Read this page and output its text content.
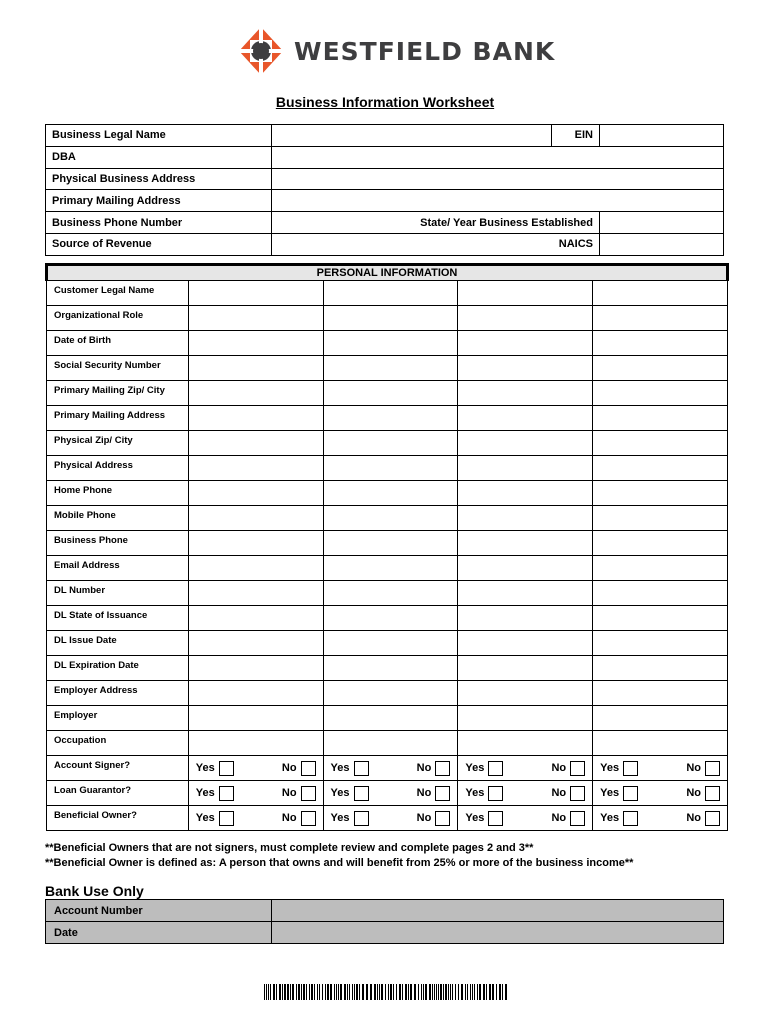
WESTFIELD BANK
Business Information Worksheet
Business Legal Name		EIN	
DBA			
Physical Business Address			
Primary Mailing Address			
Business Phone Number	State/ Year Business Established		
Source of Revenue	NAICS		
PERSONAL INFORMATION				
Customer Legal Name				
Organizational Role				
Date of Birth				
Social Security Number				
Primary Mailing Zip/ City				
Primary Mailing Address				
Physical Zip/ City				
Physical Address				
Home Phone				
Mobile Phone				
Business Phone				
Email Address				
DL Number				
DL State of Issuance				
DL Issue Date				
DL Expiration Date				
Employer Address				
Employer				
Occupation				
Account Signer?	Yes No	Yes No	Yes No	Yes No

Loan Guarantor?	Yes No	Yes No	Yes No	Yes No

Beneficial Owner?	Yes No	Yes No	Yes No	Yes No
**Beneficial Owners that are not signers, must complete review and complete pages 2 and 3**
**Beneficial Owner is defined as: A person that owns and will benefit from 25% or more of the business income**
Bank Use Only
Account Number	
Date	
